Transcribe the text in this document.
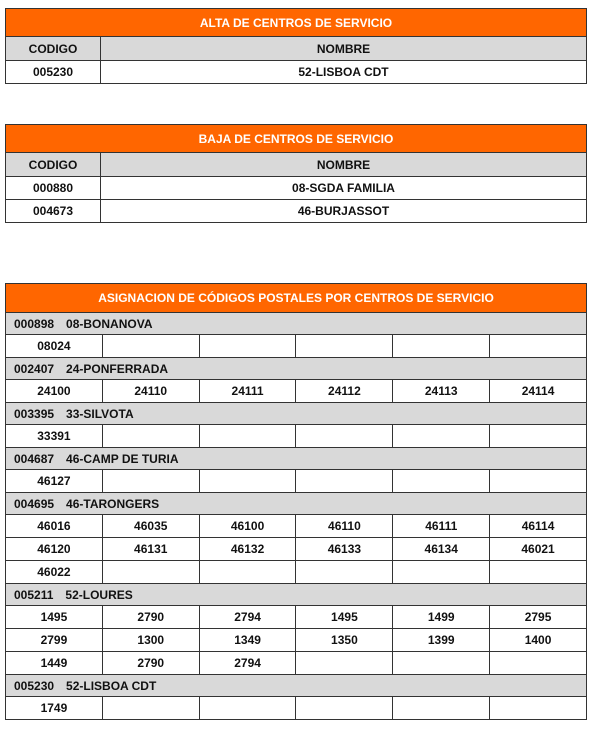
ALTA DE CENTROS DE SERVICIO
CODIGO	NOMBRE
005230	52-LISBOA CDT
BAJA DE CENTROS DE SERVICIO
CODIGO	NOMBRE
000880	08-SGDA FAMILIA
004673	46-BURJASSOT
ASIGNACION DE CÓDIGOS POSTALES POR CENTROS DE SERVICIO
000898 08-BONANOVA
08024
002407 24-PONFERRADA
24100	24110	24111	24112	24113	24114
003395 33-SILVOTA
33391
004687 46-CAMP DE TURIA
46127
004695 46-TARONGERS
46016	46035	46100	46110	46111	46114
46120	46131	46132	46133	46134	46021
46022
005211 52-LOURES
1495	2790	2794	1495	1499	2795
2799	1300	1349	1350	1399	1400
1449	2790	2794
005230 52-LISBOA CDT
1749
